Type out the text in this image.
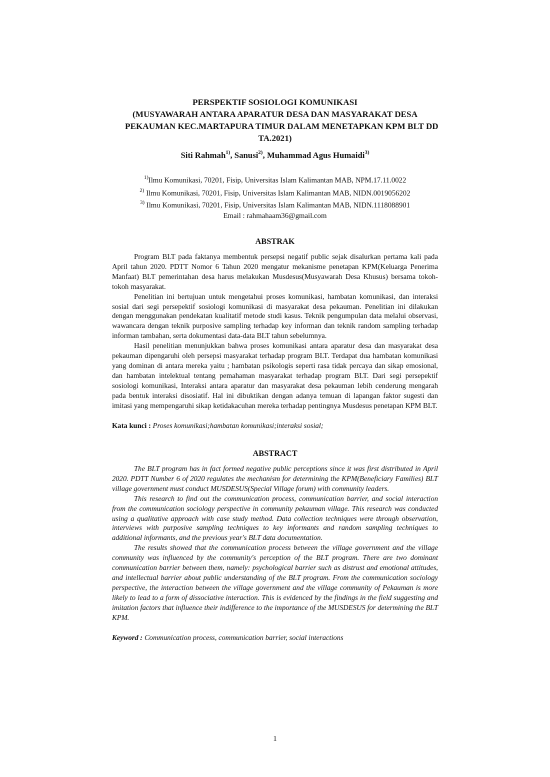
PERSPEKTIF SOSIOLOGI KOMUNIKASI
(MUSYAWARAH ANTARA APARATUR DESA DAN MASYARAKAT DESA
PEKAUMAN KEC.MARTAPURA TIMUR DALAM MENETAPKAN KPM BLT DD
TA.2021)
Siti Rahmah$^{1)}$, Sanusi$^{2)}$, Muhammad Agus Humaidi$^{3)}$
$^{1)}$Ilmu Komunikasi, 70201, Fisip, Universitas Islam Kalimantan MAB, NPM.17.11.0022
$^{2)}$ Ilmu Komunikasi, 70201, Fisip, Universitas Islam Kalimantan MAB, NIDN.0019056202
$^{3)}$ Ilmu Komunikasi, 70201, Fisip, Universitas Islam Kalimantan MAB, NIDN.1118088901
Email : rahmahaam36@gmail.com
ABSTRAK

Program BLT pada faktanya membentuk persepsi negatif public sejak disalurkan pertama kali pada April tahun 2020. PDTT Nomor 6 Tahun 2020 mengatur mekanisme penetapan KPM(Keluarga Penerima Manfaat) BLT pemerintahan desa harus melakukan Musdesus(Musyawarah Desa Khusus) bersama tokoh-tokoh masyarakat.

Penelitian ini bertujuan untuk mengetahui proses komunikasi, hambatan komunikasi, dan interaksi sosial dari segi persepektif sosiologi komunikasi di masyarakat desa pekauman. Penelitian ini dilakukan dengan menggunakan pendekatan kualitatif metode studi kasus. Teknik pengumpulan data melalui observasi, wawancara dengan teknik purposive sampling terhadap key informan dan teknik random sampling terhadap informan tambahan, serta dokumentasi data-data BLT tahun sebelumnya.

Hasil penelitian menunjukkan bahwa proses komunikasi antara aparatur desa dan masyarakat desa pekauman dipengaruhi oleh persepsi masyarakat terhadap program BLT. Terdapat dua hambatan komunikasi yang dominan di antara mereka yaitu ; hambatan psikologis seperti rasa tidak percaya dan sikap emosional, dan hambatan intelektual tentang pemahaman masyarakat terhadap program BLT. Dari segi persepektif sosiologi komunikasi, Interaksi antara aparatur dan masyarakat desa pekauman lebih cenderung mengarah pada bentuk interaksi disosiatif. Hal ini dibuktikan dengan adanya temuan di lapangan faktor sugesti dan imitasi yang mempengaruhi sikap ketidakacuhan mereka terhadap pentingnya Musdesus penetapan KPM BLT.

Kata kunci : Proses komunikasi;hambatan komunikasi;interaksi sosial;
ABSTRACT

The BLT program has in fact formed negative public perceptions since it was first distributed in April 2020. PDTT Number 6 of 2020 regulates the mechanism for determining the KPM(Beneficiary Families) BLT village government must conduct MUSDESUS(Special Village forum) with community leaders.

This research to find out the communication process, communication barrier, and social interaction from the communication sociology perspective in community pekauman village. This research was conducted using a qualitative approach with case study method. Data collection techniques were through observation, interviews with purposive sampling techniques to key informants and random sampling techniques to additional informants, and the previous year's BLT data documentation.

The results showed that the communication process between the village government and the village community was influenced by the community's perception of the BLT program. There are two dominant communication barrier between them, namely: psychological barrier such as distrust and emotional attitudes, and intellectual barrier about public understanding of the BLT program. From the communication sociology perspective, the interaction between the village government and the village community of Pekauman is more likely to lead to a form of dissociative interaction. This is evidenced by the findings in the field suggesting and imitation factors that influence their indifference to the importance of the MUSDESUS for determining the BLT KPM.

Keyword : Communication process, communication barrier, social interactions
1
